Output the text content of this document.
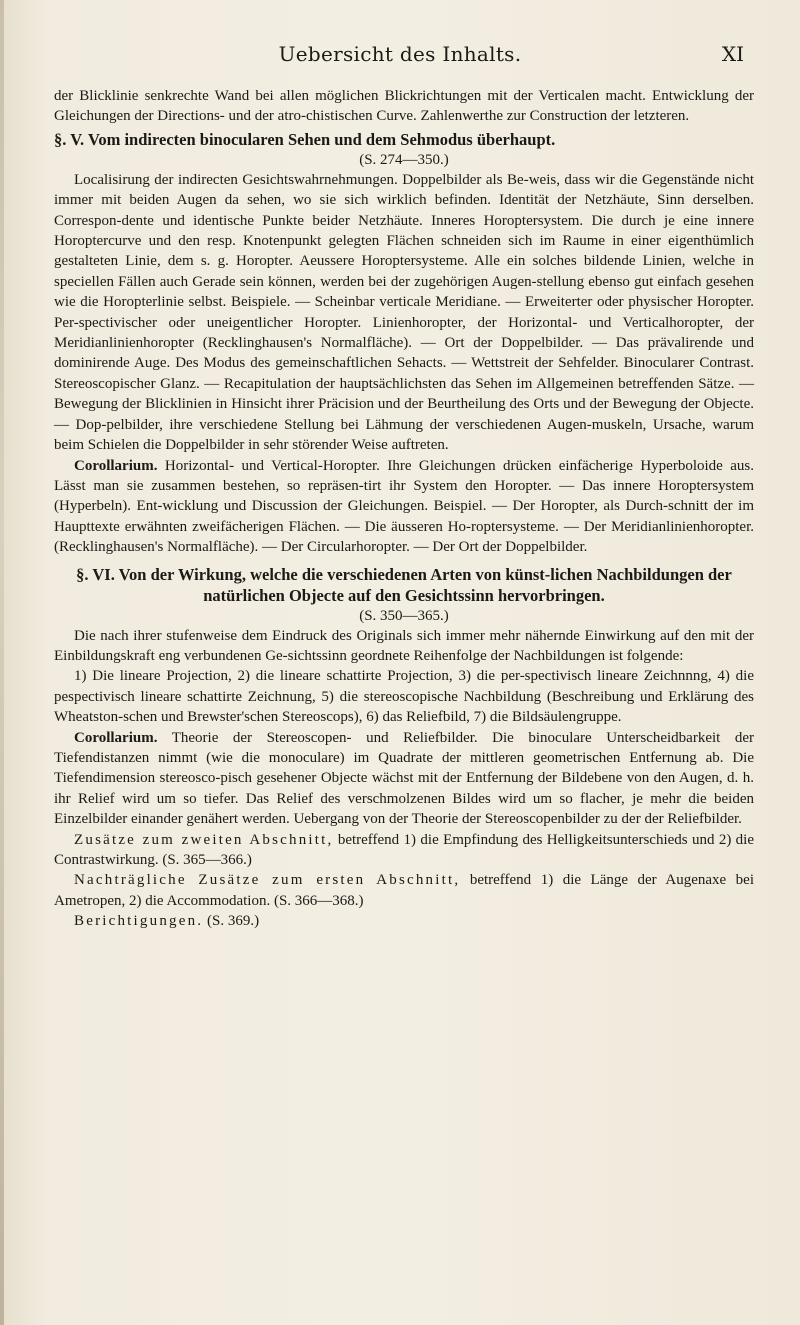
Uebersicht des Inhalts.	XI

der Blicklinie senkrechte Wand bei allen möglichen Blickrichtungen mit der Verticalen macht. Entwicklung der Gleichungen der Directions- und der atro-chistischen Curve. Zahlenwerthe zur Construction der letzteren.

§. V. Vom indirecten binocularen Sehen und dem Sehmodus überhaupt.
(S. 274—350.)

Localisirung der indirecten Gesichtswahrnehmungen. Doppelbilder als Be-weis, dass wir die Gegenstände nicht immer mit beiden Augen da sehen, wo sie sich wirklich befinden. Identität der Netzhäute, Sinn derselben. Correspon-dente und identische Punkte beider Netzhäute. Inneres Horoptersystem. Die durch je eine innere Horoptercurve und den resp. Knotenpunkt gelegten Flächen schneiden sich im Raume in einer eigenthümlich gestalteten Linie, dem s. g. Horopter. Aeussere Horoptersysteme. Alle ein solches bildende Linien, welche in speciellen Fällen auch Gerade sein können, werden bei der zugehörigen Augen-stellung ebenso gut einfach gesehen wie die Horopterlinie selbst. Beispiele. — Scheinbar verticale Meridiane. — Erweiterter oder physischer Horopter. Per-spectivischer oder uneigentlicher Horopter. Linienhoropter, der Horizontal- und Verticalhoropter, der Meridianlinienhoropter (Recklinghausen's Normalfläche). — Ort der Doppelbilder. — Das prävalirende und dominirende Auge. Des Modus des gemeinschaftlichen Sehacts. — Wettstreit der Sehfelder. Binocularer Contrast. Stereoscopischer Glanz. — Recapitulation der hauptsächlichsten das Sehen im Allgemeinen betreffenden Sätze. — Bewegung der Blicklinien in Hinsicht ihrer Präcision und der Beurtheilung des Orts und der Bewegung der Objecte. — Dop-pelbilder, ihre verschiedene Stellung bei Lähmung der verschiedenen Augen-muskeln, Ursache, warum beim Schielen die Doppelbilder in sehr störender Weise auftreten.

Corollarium. Horizontal- und Vertical-Horopter. Ihre Gleichungen drücken einfächerige Hyperboloide aus. Lässt man sie zusammen bestehen, so repräsen-tirt ihr System den Horopter. — Das innere Horoptersystem (Hyperbeln). Ent-wicklung und Discussion der Gleichungen. Beispiel. — Der Horopter, als Durch-schnitt der im Haupttexte erwähnten zweifächerigen Flächen. — Die äusseren Ho-roptersysteme. — Der Meridianlinienhoropter. (Recklinghausen's Normalfläche). — Der Circularhoropter. — Der Ort der Doppelbilder.

§. VI. Von der Wirkung, welche die verschiedenen Arten von künst-lichen Nachbildungen der natürlichen Objecte auf den Gesichtssinn hervorbringen.
(S. 350—365.)

Die nach ihrer stufenweise dem Eindruck des Originals sich immer mehr nähernde Einwirkung auf den mit der Einbildungskraft eng verbundenen Ge-sichtssinn geordnete Reihenfolge der Nachbildungen ist folgende:

1) Die lineare Projection, 2) die lineare schattirte Projection, 3) die per-spectivisch lineare Zeichnnng, 4) die pespectivisch lineare schattirte Zeichnung, 5) die stereoscopische Nachbildung (Beschreibung und Erklärung des Wheatston-schen und Brewster'schen Stereoscops), 6) das Reliefbild, 7) die Bildsäulengruppe.

Corollarium. Theorie der Stereoscopen- und Reliefbilder. Die binoculare Unterscheidbarkeit der Tiefendistanzen nimmt (wie die monoculare) im Quadrate der mittleren geometrischen Entfernung ab. Die Tiefendimension stereosco-pisch gesehener Objecte wächst mit der Entfernung der Bildebene von den Augen, d. h. ihr Relief wird um so tiefer. Das Relief des verschmolzenen Bildes wird um so flacher, je mehr die beiden Einzelbilder einander genähert werden. Uebergang von der Theorie der Stereoscopenbilder zu der der Reliefbilder.

Zusätze zum zweiten Abschnitt, betreffend 1) die Empfindung des Helligkeitsunterschieds und 2) die Contrastwirkung. (S. 365—366.)

Nachträgliche Zusätze zum ersten Abschnitt, betreffend 1) die Länge der Augenaxe bei Ametropen, 2) die Accommodation. (S. 366—368.)

Berichtigungen. (S. 369.)
